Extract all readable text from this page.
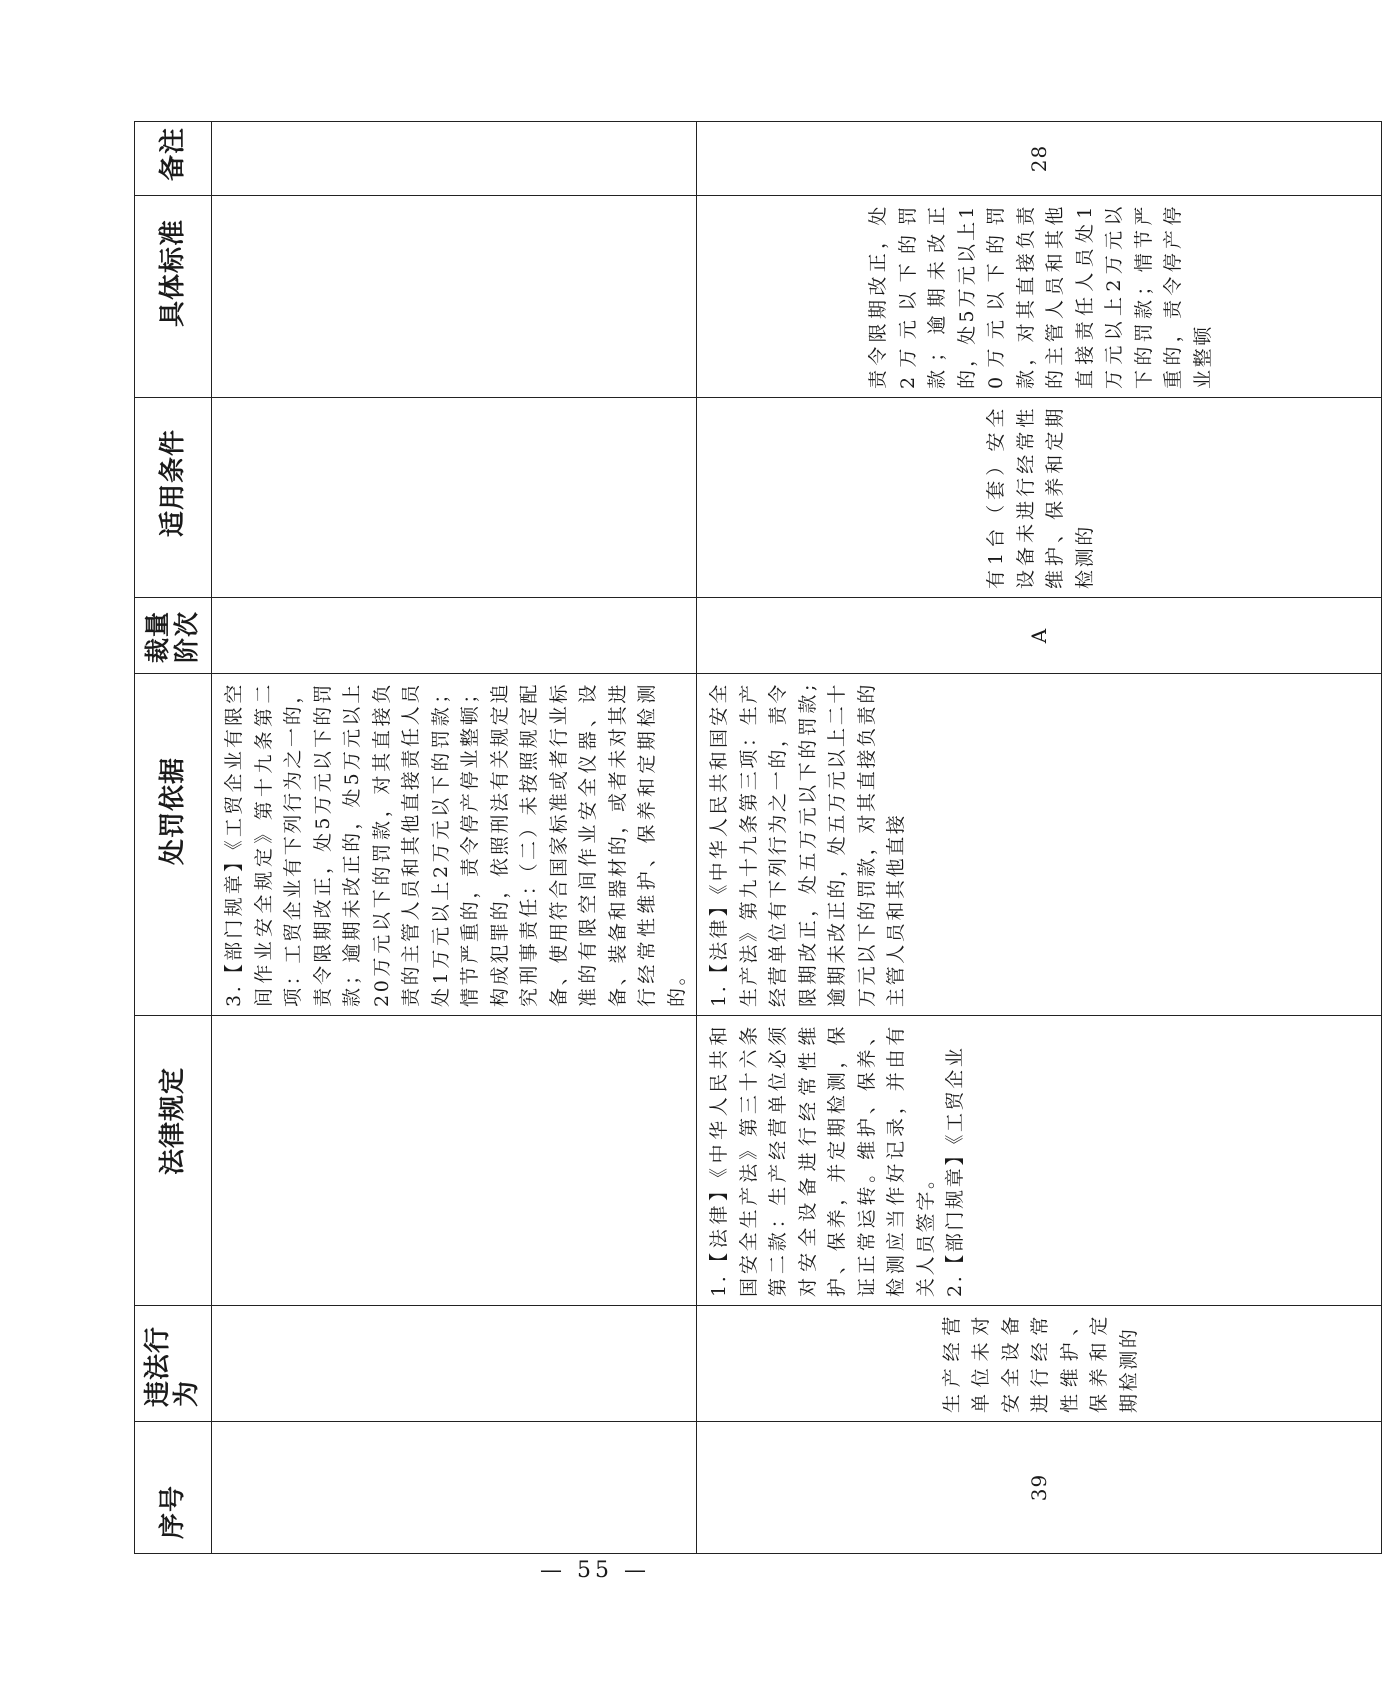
序号	违法行为	法律规定	处罚依据	裁量阶次	适用条件	具体标准	备注

			3.【部门规章】《工贸企业有限空间作业安全规定》第十九条第二项：工贸企业有下列行为之一的，责令限期改正，处5万元以下的罚款；逾期未改正的，处5万元以上20万元以下的罚款，对其直接负责的主管人员和其他直接责任人员处1万元以上2万元以下的罚款；情节严重的，责令停产停业整顿；构成犯罪的，依照刑法有关规定追究刑事责任：（二）未按照规定配备、使用符合国家标准或者行业标准的有限空间作业安全仪器、设备、装备和器材的，或者未对其进行经常性维护、保养和定期检测的。				

39	生产经营单位未对安全设备进行经常性维护、保养和定期检测的	1.【法律】《中华人民共和国安全生产法》第三十六条第二款：生产经营单位必须对安全设备进行经常性维护、保养，并定期检测，保证正常运转。维护、保养、检测应当作好记录，并由有关人员签字。 2.【部门规章】《工贸企业	1.【法律】《中华人民共和国安全生产法》第九十九条第三项：生产经营单位有下列行为之一的，责令限期改正，处五万元以下的罚款;逾期未改正的，处五万元以上二十万元以下的罚款，对其直接负责的主管人员和其他直接	A	有1台（套）安全设备未进行经常性维护、保养和定期检测的	责令限期改正，处2万元以下的罚款；逾期未改正的，处5万元以上10万元以下的罚款，对其直接负责的主管人员和其他直接责任人员处1万元以上2万元以下的罚款；情节严重的，责令停产停业整顿	28
— 55 —
